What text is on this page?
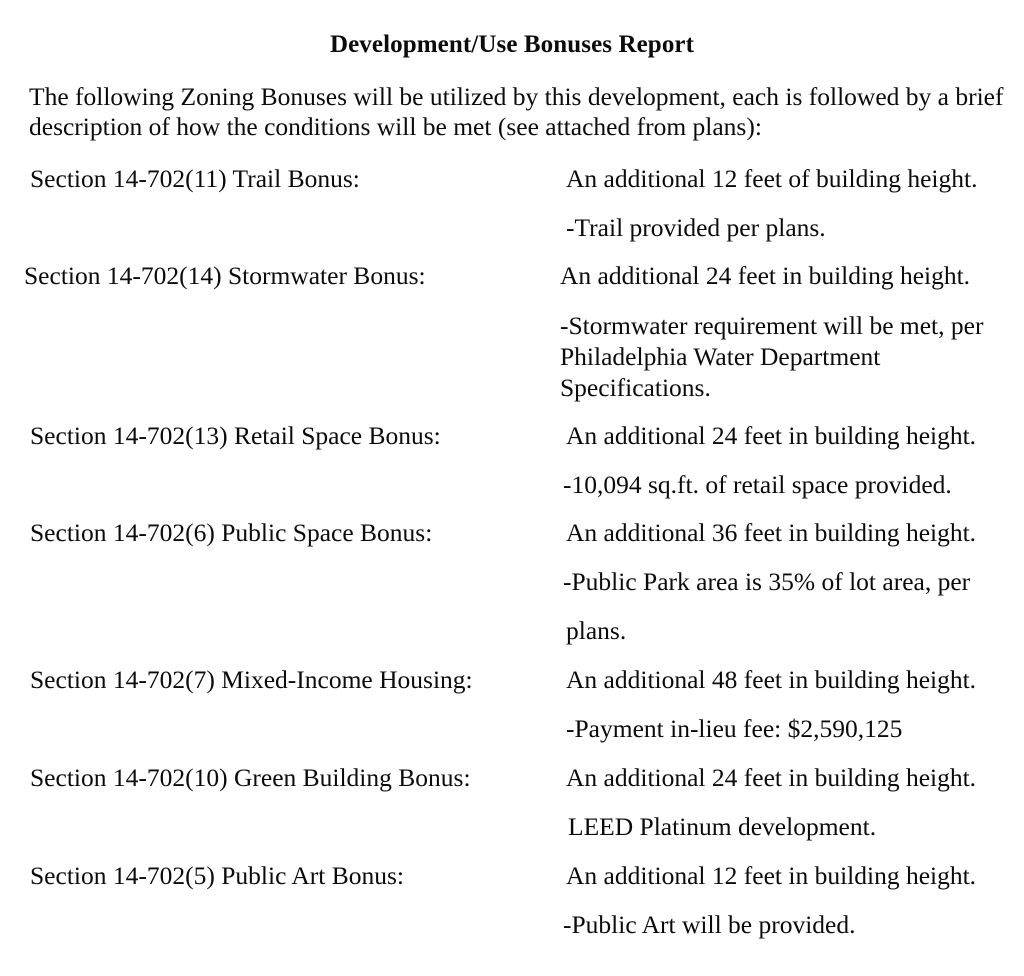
Development/Use Bonuses Report
The following Zoning Bonuses will be utilized by this development, each is followed by a brief
description of how the conditions will be met (see attached from plans):
Section 14-702(11) Trail Bonus:	An additional 12 feet of building height.
-Trail provided per plans.
Section 14-702(14) Stormwater Bonus:	An additional 24 feet in building height.
-Stormwater requirement will be met, per
Philadelphia Water Department
Specifications.
Section 14-702(13) Retail Space Bonus:	An additional 24 feet in building height.
-10,094 sq.ft. of retail space provided.
Section 14-702(6) Public Space Bonus:	An additional 36 feet in building height.
-Public Park area is 35% of lot area, per
plans.
Section 14-702(7) Mixed-Income Housing:	An additional 48 feet in building height.
-Payment in-lieu fee: $2,590,125
Section 14-702(10) Green Building Bonus:	An additional 24 feet in building height.
LEED Platinum development.
Section 14-702(5) Public Art Bonus:	An additional 12 feet in building height.
-Public Art will be provided.
